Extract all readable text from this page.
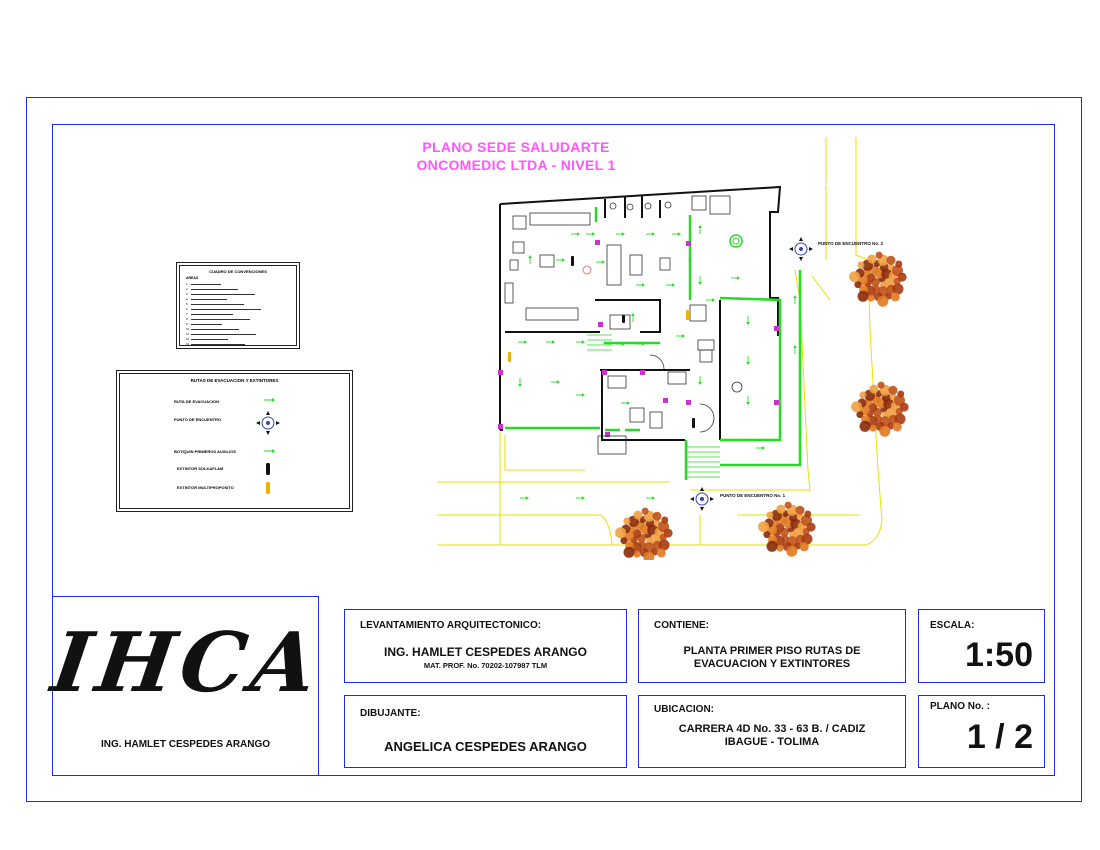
PLANO SEDE SALUDARTE
ONCOMEDIC LTDA - NIVEL 1
CUADRO DE CONVENCIONES
AREAS
1
2
3
4
5
6
7
8
9
10
11
12
13
RUTAS DE EVACUACION Y EXTINTORES
RUTA DE EVACUACION
PUNTO DE ENCUENTRO
BOTIQUIN PRIMEROS AUXILIOS
EXTINTOR SOLKAFLAM
EXTINTOR MULTIPROPOSITO
PUNTO DE ENCUENTRO No. 2
PUNTO DE ENCUENTRO No. 1
IHCA
ING. HAMLET CESPEDES ARANGO
LEVANTAMIENTO ARQUITECTONICO:
ING. HAMLET CESPEDES ARANGO
MAT. PROF. No. 70202-107987 TLM
DIBUJANTE:
ANGELICA CESPEDES ARANGO
CONTIENE:
PLANTA PRIMER PISO RUTAS DE
EVACUACION Y EXTINTORES
UBICACION:
CARRERA 4D No. 33 - 63 B. / CADIZ
IBAGUE - TOLIMA
ESCALA:
1:50
PLANO No. :
1 / 2
